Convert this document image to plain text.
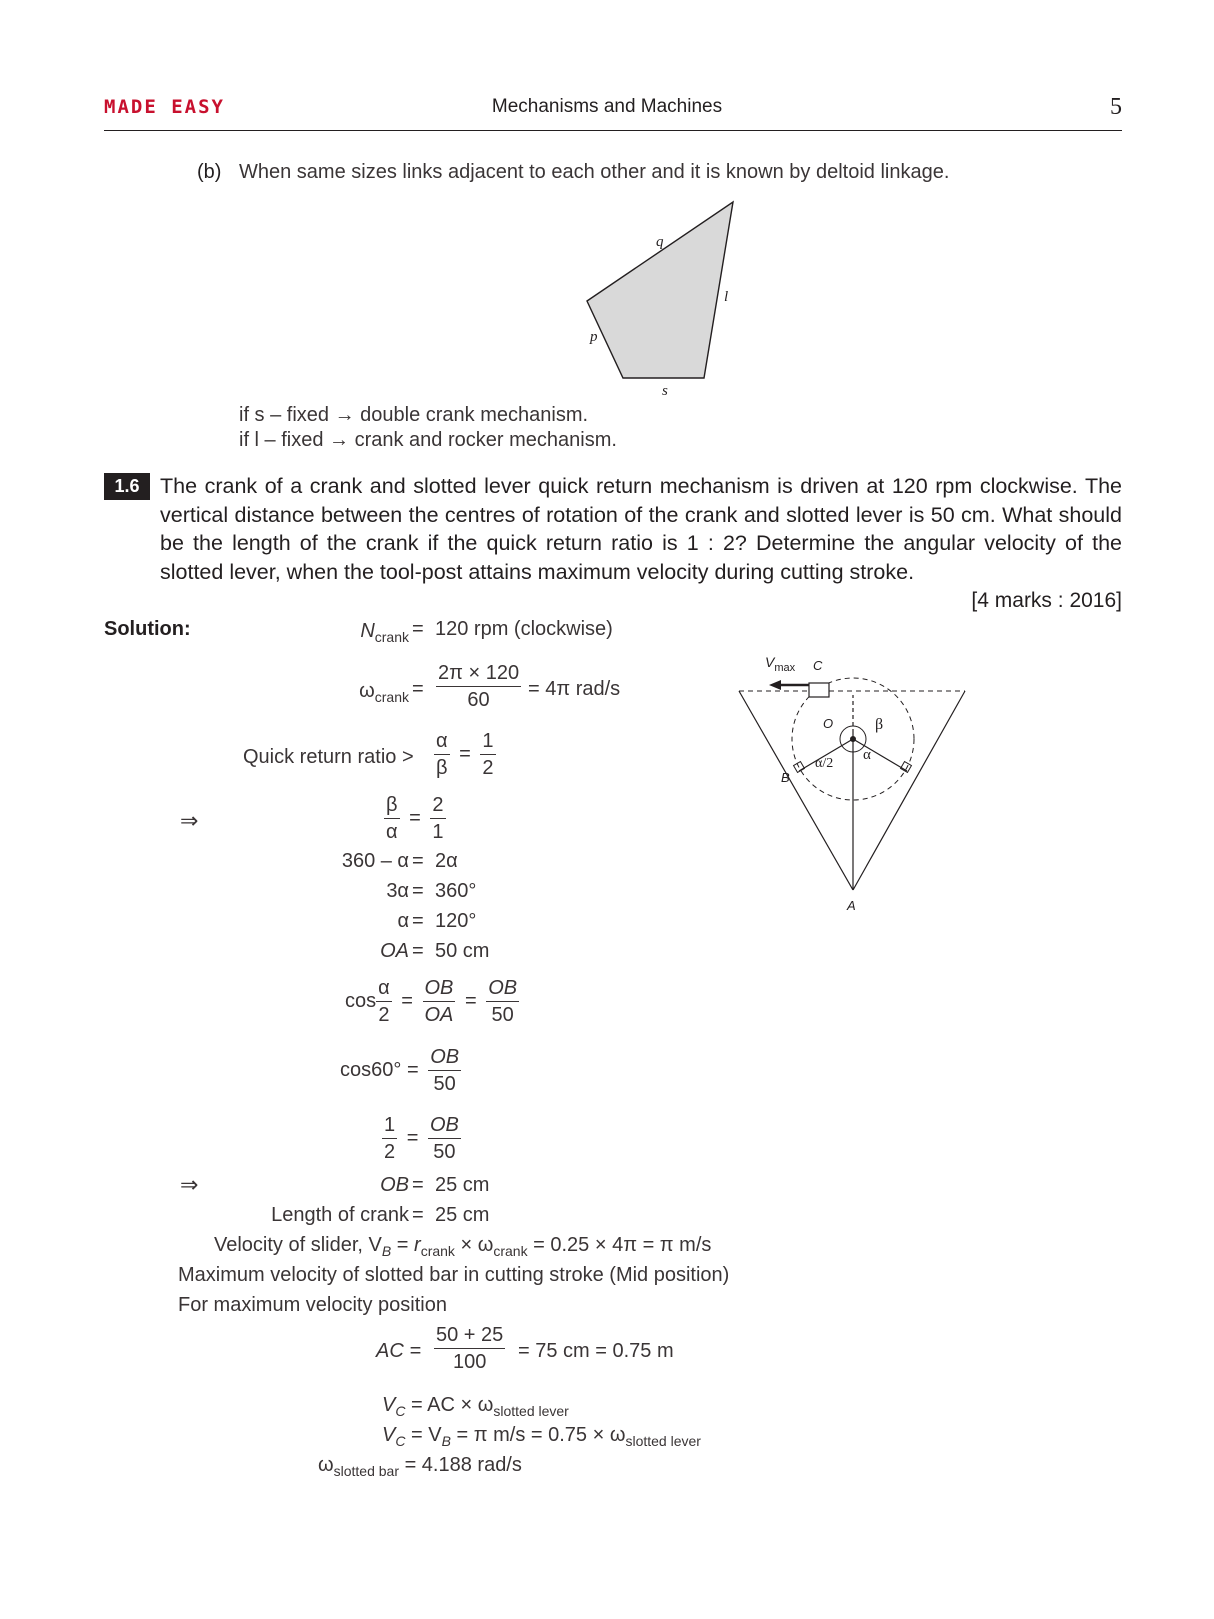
MADE EASY	Mechanisms and Machines	5
(b) When same sizes links adjacent to each other and it is known by deltoid linkage.
q
l
p
s
if s – fixed → double crank mechanism.
if l – fixed → crank and rocker mechanism.
1.6 The crank of a crank and slotted lever quick return mechanism is driven at 120 rpm clockwise. The vertical distance between the centres of rotation of the crank and slotted lever is 50 cm. What should be the length of the crank if the quick return ratio is 1 : 2? Determine the angular velocity of the slotted lever, when the tool-post attains maximum velocity during cutting stroke.
[4 marks : 2016]
Solution:	$N_{crank} = 120$ rpm (clockwise)
$\omega_{crank} = \frac{2\pi \times 120}{60} = 4\pi$ rad/s
Quick return ratio > $\frac{\alpha}{\beta} = \frac{1}{2}$
⇒	$\frac{\beta}{\alpha} = \frac{2}{1}$
360 – α = 2α
3α = 360°
α = 120°
OA = 50 cm
$\cos \frac{\alpha}{2} = \frac{OB}{OA} = \frac{OB}{50}$
$\cos 60^\circ = \frac{OB}{50}$
$\frac{1}{2} = \frac{OB}{50}$
⇒	OB = 25 cm
Length of crank = 25 cm
Velocity of slider, $V_B = r_{crank} \times \omega_{crank} = 0.25 \times 4\pi = \pi$ m/s
Maximum velocity of slotted bar in cutting stroke (Mid position)
For maximum velocity position
AC = $\frac{50 + 25}{100} = 75$ cm = 0.75 m
$V_C$ = AC × $\omega_{slotted lever}$
$V_C = V_B = \pi$ $m/s = 0.75 \times \omega_{slotted lever}$
$\omega_{slotted bar} = 4.188$ rad/s
$V_{max}$ C
O	β
α
α/2
B
A
